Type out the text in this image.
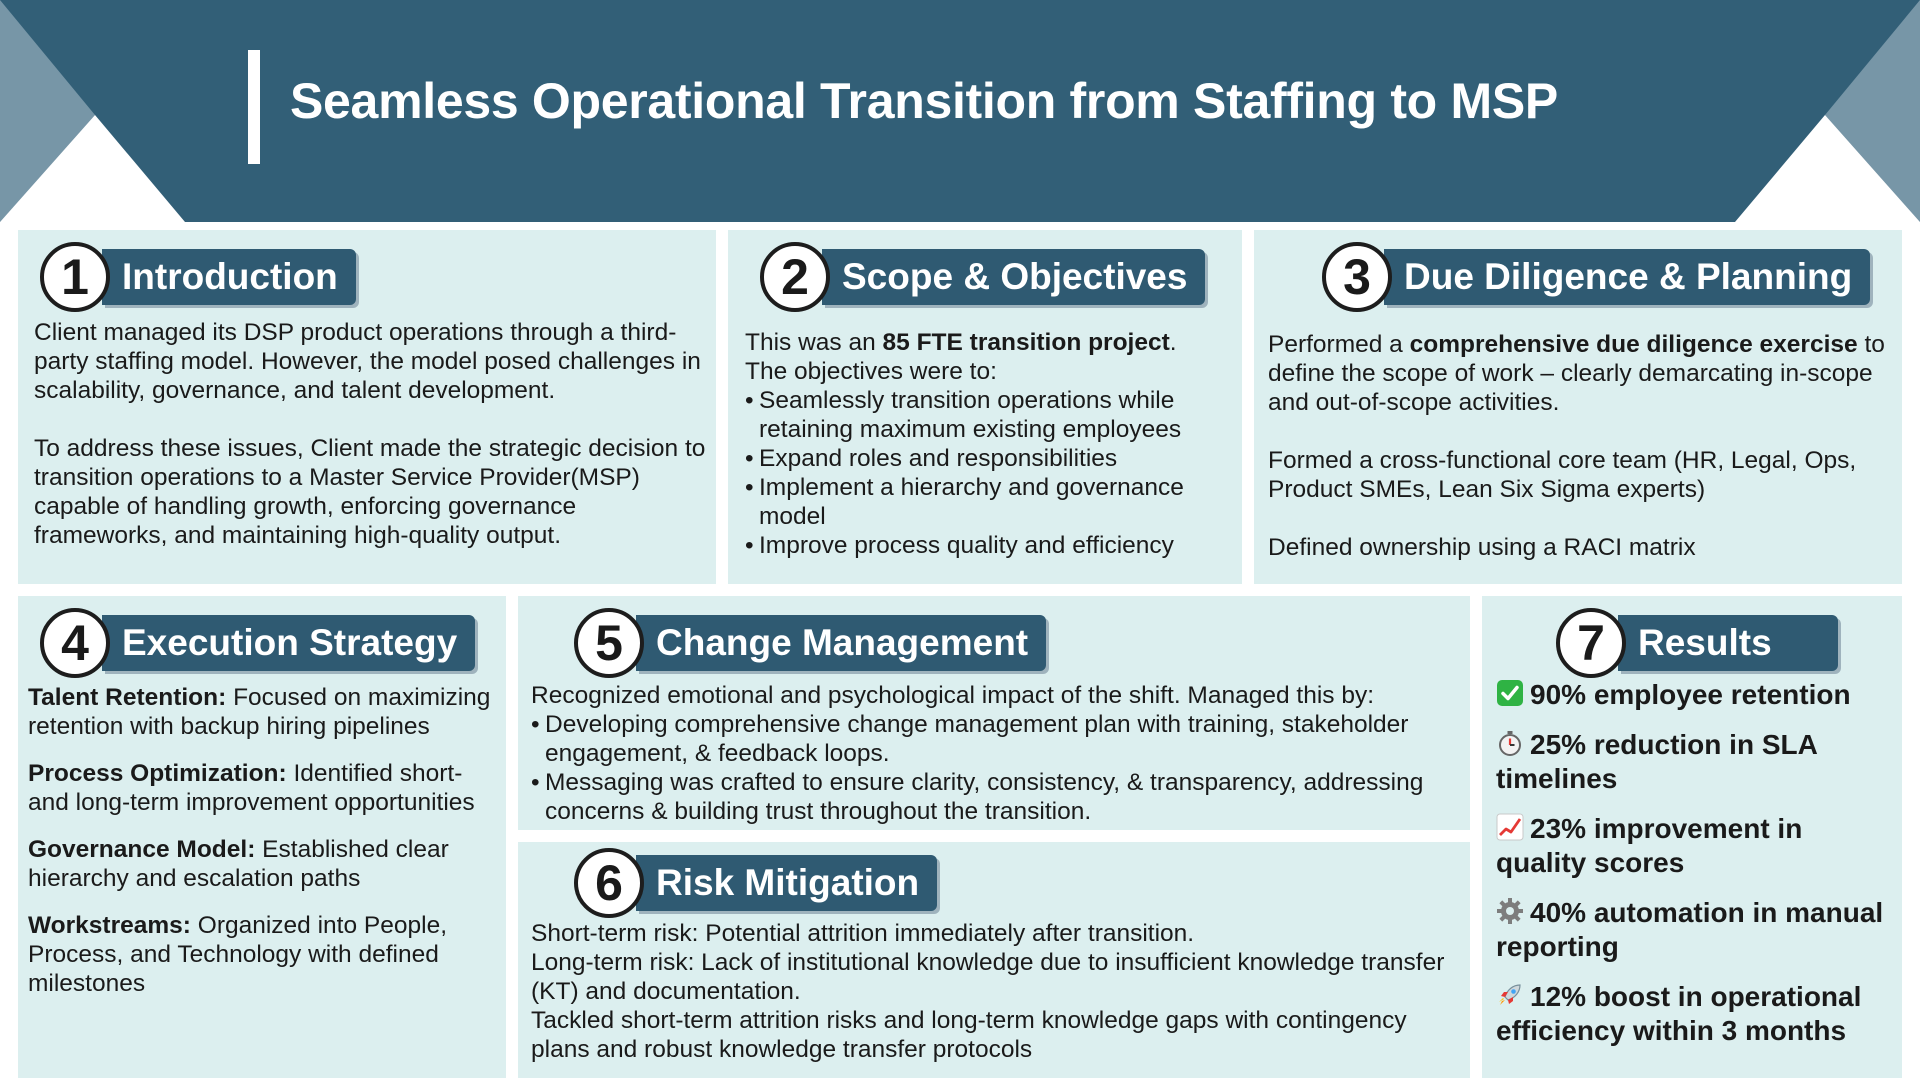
Seamless Operational Transition from Staffing to MSP
1 Introduction

Client managed its DSP product operations through a third-party staffing model. However, the model posed challenges in scalability, governance, and talent development.

To address these issues, Client made the strategic decision to transition operations to a Master Service Provider(MSP) capable of handling growth, enforcing governance frameworks, and maintaining high-quality output.

2 Scope & Objectives

This was an 85 FTE transition project.

The objectives were to:

• Seamlessly transition operations while retaining maximum existing employees
• Expand roles and responsibilities
• Implement a hierarchy and governance model
• Improve process quality and efficiency
3 Due Diligence & Planning

Performed a comprehensive due diligence exercise to define the scope of work – clearly demarcating in-scope and out-of-scope activities.

Formed a cross-functional core team (HR, Legal, Ops, Product SMEs, Lean Six Sigma experts)

Defined ownership using a RACI matrix

4 Execution Strategy

Talent Retention: Focused on maximizing retention with backup hiring pipelines

Process Optimization: Identified short- and long-term improvement opportunities

Governance Model: Established clear hierarchy and escalation paths

Workstreams: Organized into People, Process, and Technology with defined milestones

5 Change Management

Recognized emotional and psychological impact of the shift. Managed this by:

• Developing comprehensive change management plan with training, stakeholder engagement, & feedback loops.
• Messaging was crafted to ensure clarity, consistency, & transparency, addressing concerns & building trust throughout the transition.
6 Risk Mitigation

Short-term risk: Potential attrition immediately after transition.

Long-term risk: Lack of institutional knowledge due to insufficient knowledge transfer (KT) and documentation.

Tackled short-term attrition risks and long-term knowledge gaps with contingency plans and robust knowledge transfer protocols

7 Results
90% employee retention
25% reduction in SLA timelines
23% improvement in quality scores
40% automation in manual reporting
12% boost in operational efficiency within 3 months
